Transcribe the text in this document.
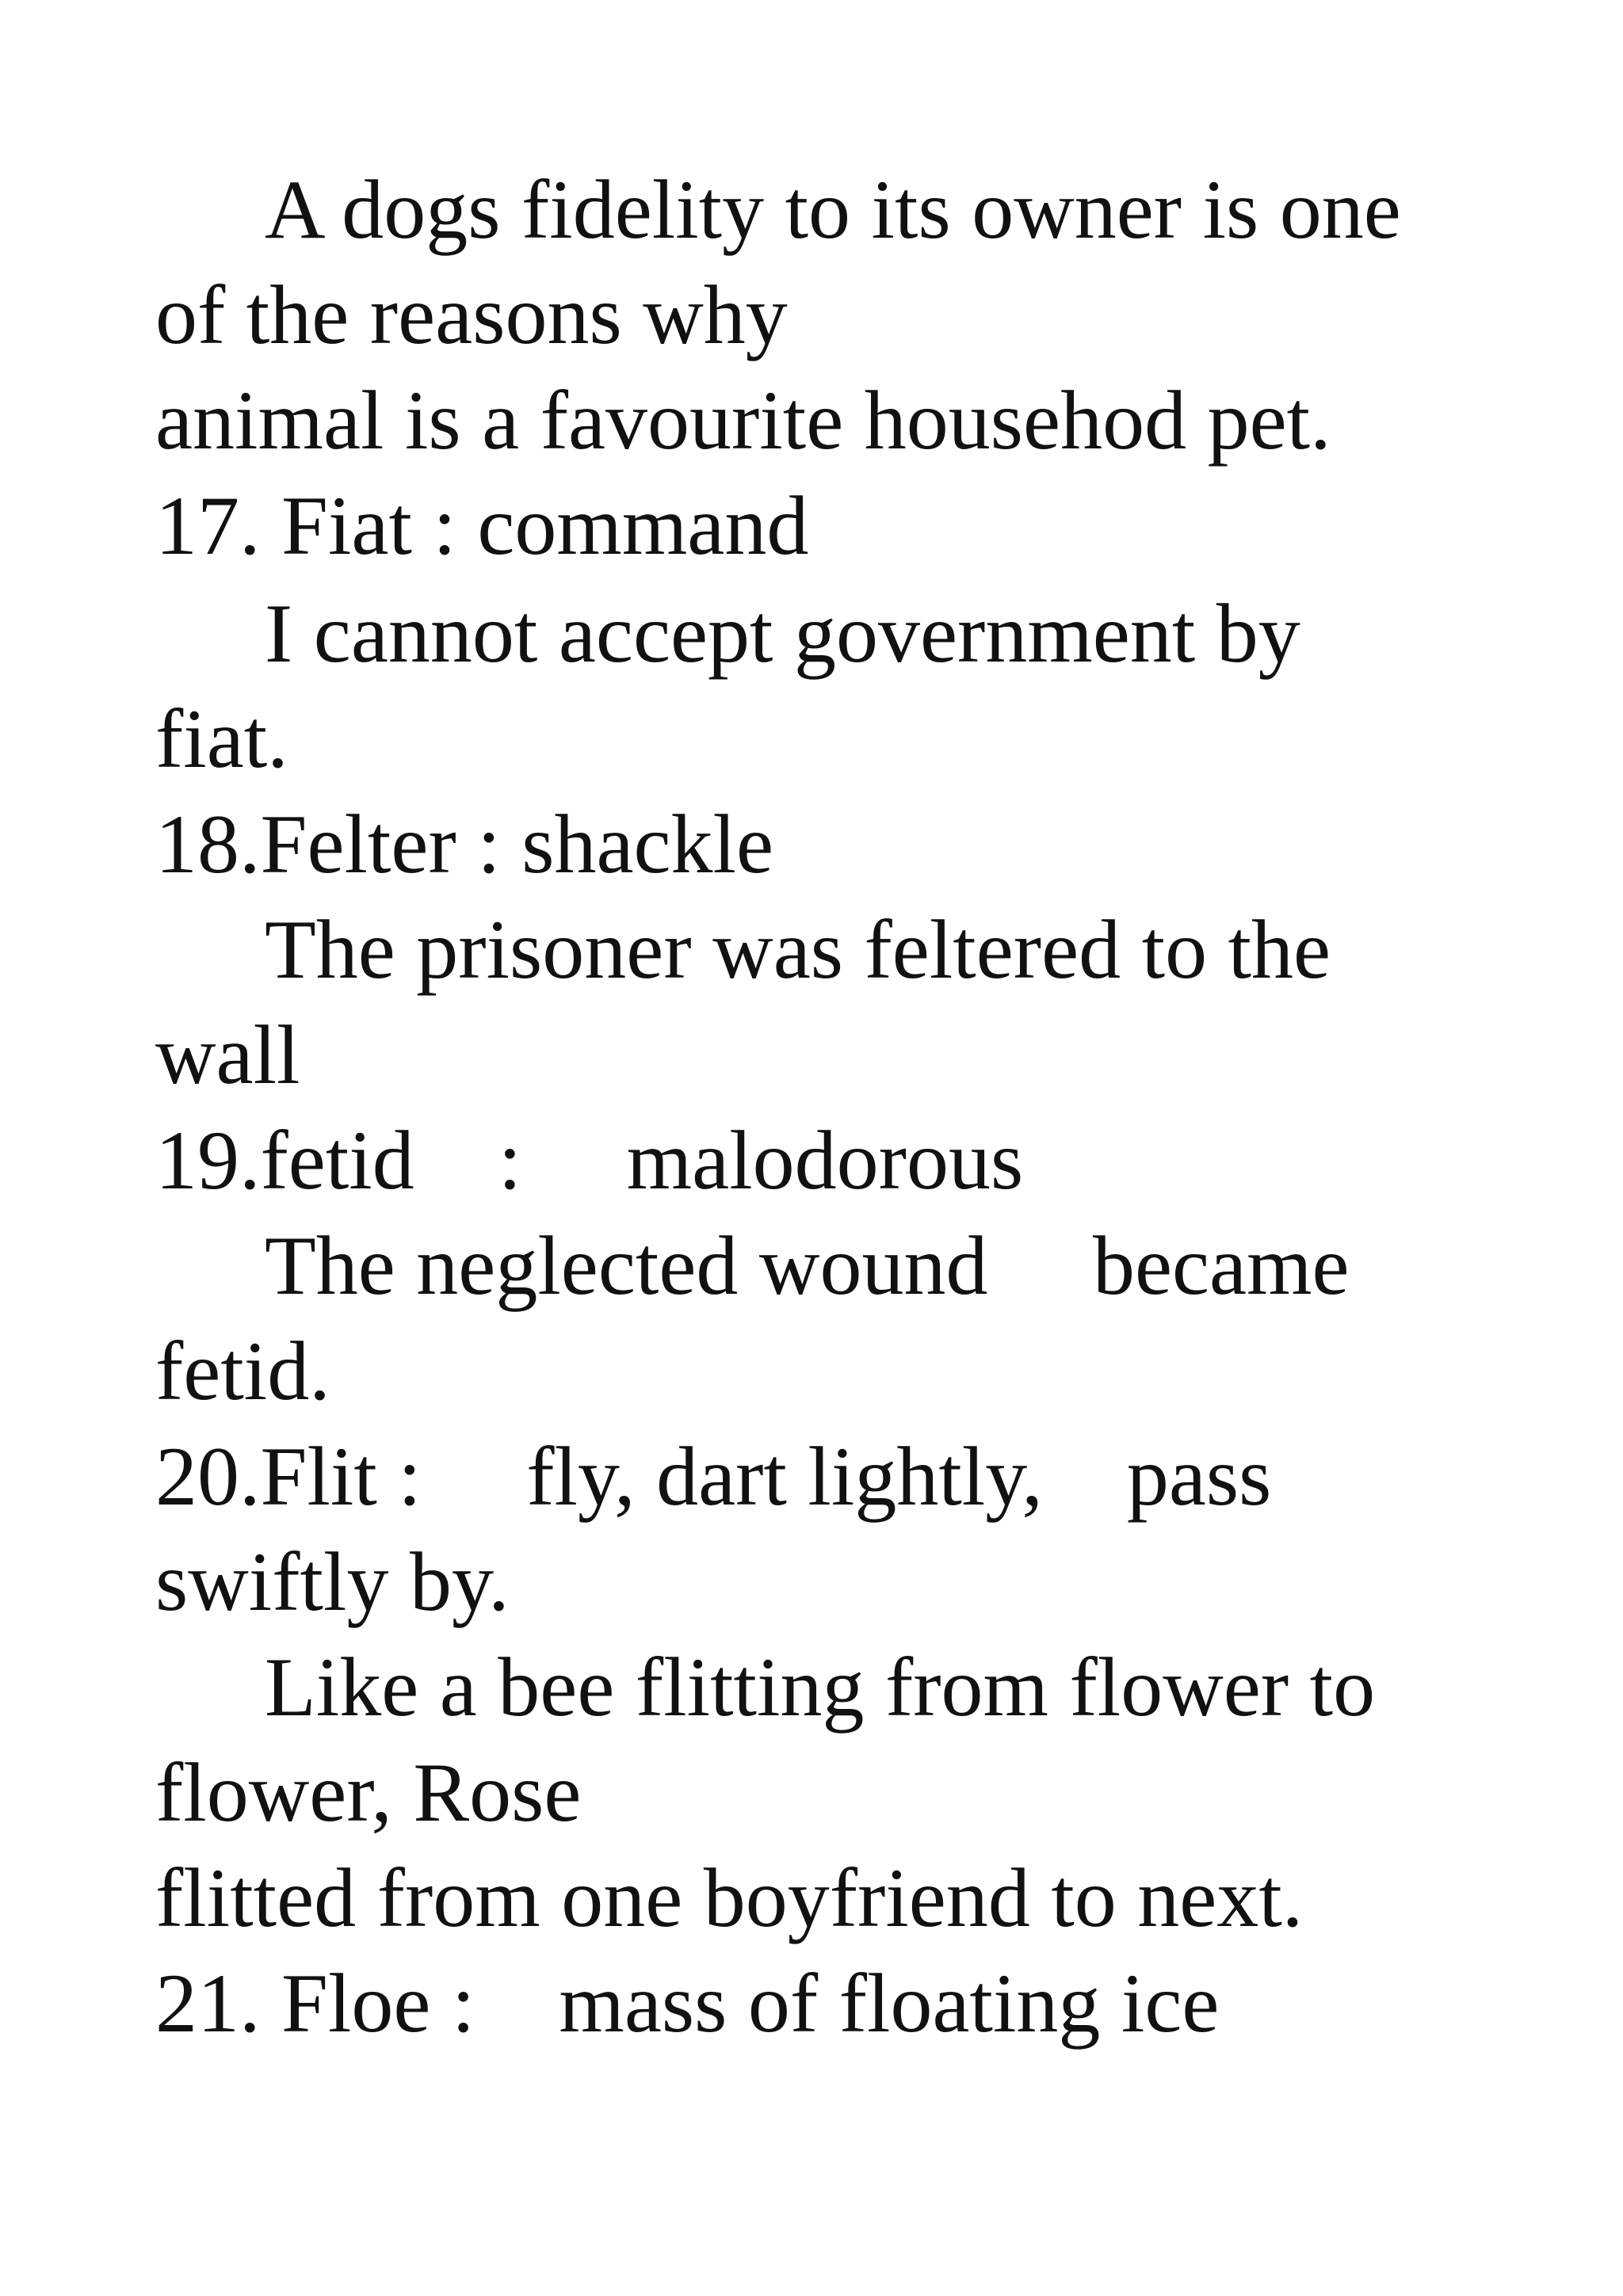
A dogs fidelity to its owner is one

of the reasons why

animal is a favourite househod pet.

17. Fiat : command

I cannot accept government by

fiat.

18.Felter : shackle

The prisoner was feltered to the

wall

19.fetid    :     malodorous

The neglected wound     became

fetid.

20.Flit :     fly, dart lightly,    pass

swiftly by.

Like a bee flitting from flower to

flower, Rose

flitted from one boyfriend to next.

21. Floe :    mass of floating ice
